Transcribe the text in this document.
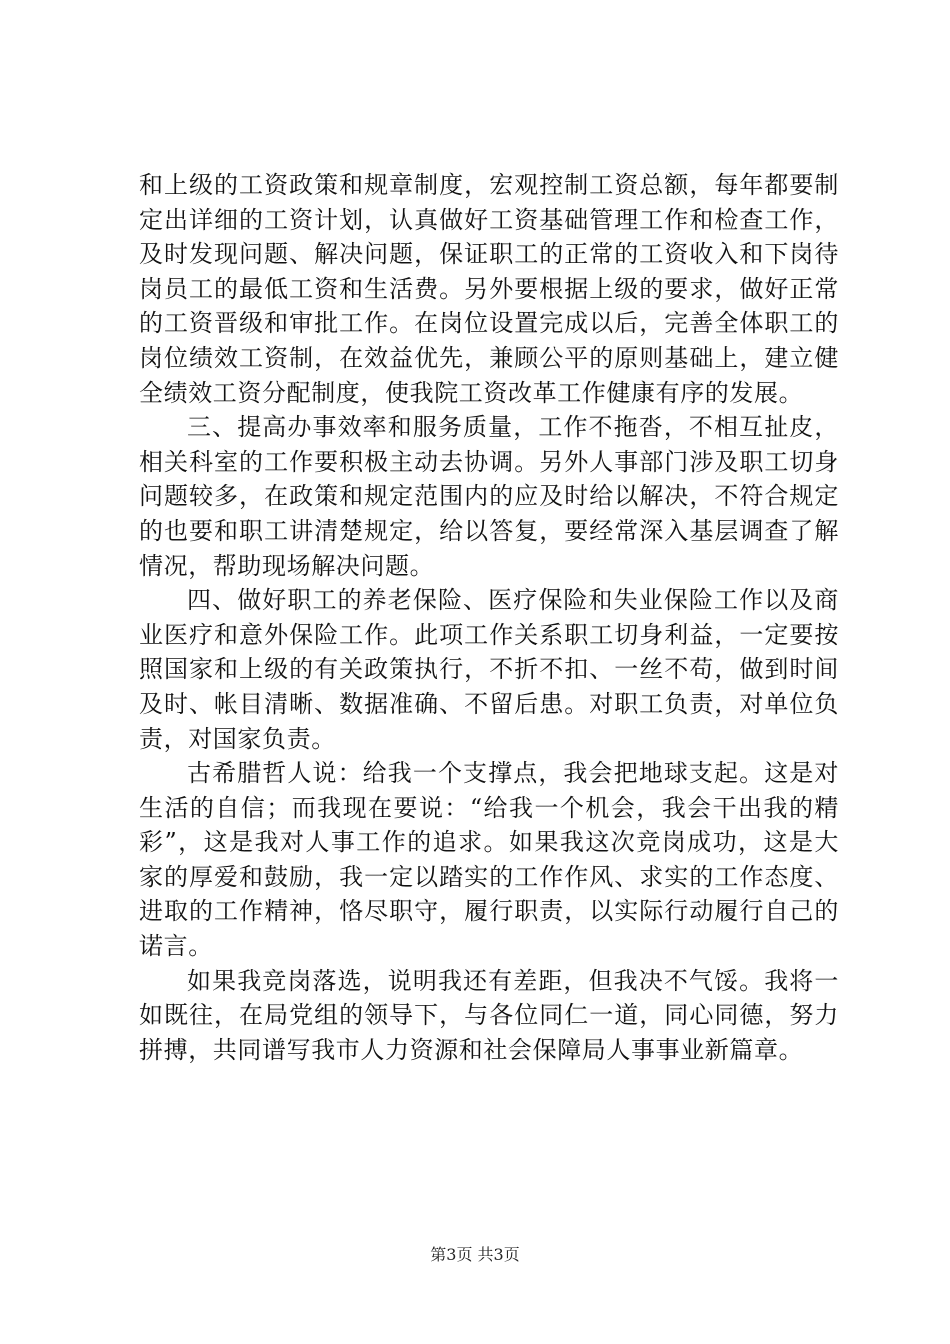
和上级的工资政策和规章制度，宏观控制工资总额，每年都要制定出详细的工资计划，认真做好工资基础管理工作和检查工作，及时发现问题、解决问题，保证职工的正常的工资收入和下岗待岗员工的最低工资和生活费。另外要根据上级的要求，做好正常的工资晋级和审批工作。在岗位设置完成以后，完善全体职工的岗位绩效工资制，在效益优先，兼顾公平的原则基础上，建立健全绩效工资分配制度，使我院工资改革工作健康有序的发展。

三、提高办事效率和服务质量，工作不拖沓，不相互扯皮，相关科室的工作要积极主动去协调。另外人事部门涉及职工切身问题较多，在政策和规定范围内的应及时给以解决，不符合规定的也要和职工讲清楚规定，给以答复，要经常深入基层调查了解情况，帮助现场解决问题。

四、做好职工的养老保险、医疗保险和失业保险工作以及商业医疗和意外保险工作。此项工作关系职工切身利益，一定要按照国家和上级的有关政策执行，不折不扣、一丝不苟，做到时间及时、帐目清晰、数据准确、不留后患。对职工负责，对单位负责，对国家负责。

古希腊哲人说：给我一个支撑点，我会把地球支起。这是对生活的自信；而我现在要说：“给我一个机会，我会干出我的精彩”，这是我对人事工作的追求。如果我这次竞岗成功，这是大家的厚爱和鼓励，我一定以踏实的工作作风、求实的工作态度、进取的工作精神，恪尽职守，履行职责，以实际行动履行自己的诺言。

如果我竞岗落选，说明我还有差距，但我决不气馁。我将一如既往，在局党组的领导下，与各位同仁一道，同心同德，努力拼搏，共同谱写我市人力资源和社会保障局人事事业新篇章。

第3页 共3页
